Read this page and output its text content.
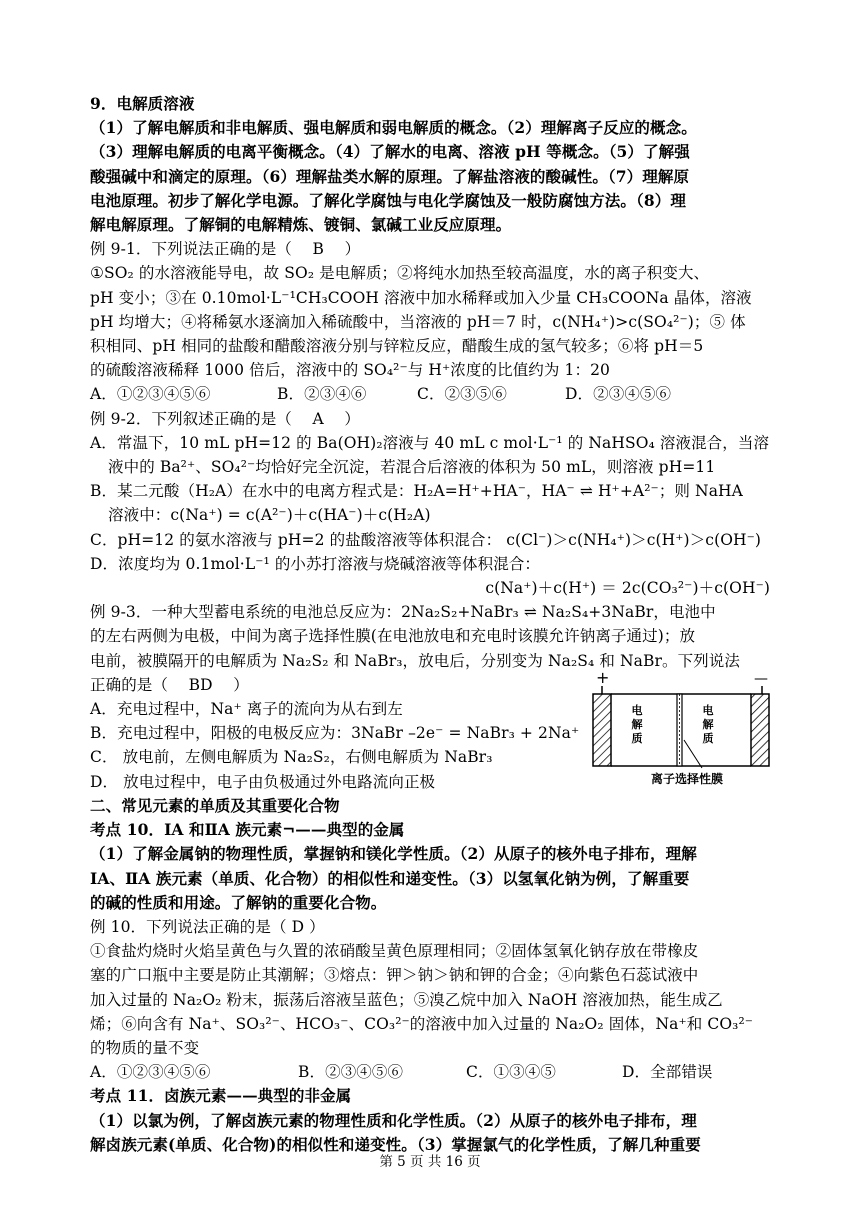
9．电解质溶液
（1）了解电解质和非电解质、强电解质和弱电解质的概念。（2）理解离子反应的概念。
（3）理解电解质的电离平衡概念。（4）了解水的电离、溶液 pH 等概念。（5）了解强
酸强碱中和滴定的原理。（6）理解盐类水解的原理。了解盐溶液的酸碱性。（7）理解原
电池原理。初步了解化学电源。了解化学腐蚀与电化学腐蚀及一般防腐蚀方法。（8）理
解电解原理。了解铜的电解精炼、镀铜、氯碱工业反应原理。
例 9-1．下列说法正确的是（　 B　 ）
①SO₂ 的水溶液能导电，故 SO₂ 是电解质；②将纯水加热至较高温度，水的离子积变大、
pH 变小；③在 0.10mol·L⁻¹CH₃COOH 溶液中加水稀释或加入少量 CH₃COONa 晶体，溶液
pH 均增大；④将稀氨水逐滴加入稀硫酸中，当溶液的 pH＝7 时，c(NH₄⁺)>c(SO₄²⁻)；⑤ 体
积相同、pH 相同的盐酸和醋酸溶液分别与锌粒反应，醋酸生成的氢气较多；⑥将 pH＝5
的硫酸溶液稀释 1000 倍后，溶液中的 SO₄²⁻与 H⁺浓度的比值约为 1：20
A．①②③④⑤⑥	B．②③④⑥	C．②③⑤⑥	D．②③④⑤⑥
例 9-2．下列叙述正确的是（　 A　 ）
A．常温下，10 mL pH=12 的 Ba(OH)₂溶液与 40 mL c mol·L⁻¹ 的 NaHSO₄ 溶液混合，当溶
液中的 Ba²⁺、SO₄²⁻均恰好完全沉淀，若混合后溶液的体积为 50 mL，则溶液 pH=11
B．某二元酸（H₂A）在水中的电离方程式是：H₂A=H⁺+HA⁻，HA⁻ ⇌ H⁺+A²⁻；则 NaHA
溶液中：c(Na⁺) = c(A²⁻)＋c(HA⁻)＋c(H₂A)
C．pH=12 的氨水溶液与 pH=2 的盐酸溶液等体积混合： c(Cl⁻)＞c(NH₄⁺)＞c(H⁺)＞c(OH⁻)
D．浓度均为 0.1mol·L⁻¹ 的小苏打溶液与烧碱溶液等体积混合：
c(Na⁺)＋c(H⁺) ＝ 2c(CO₃²⁻)＋c(OH⁻)
例 9-3．一种大型蓄电系统的电池总反应为：2Na₂S₂+NaBr₃ ⇌ Na₂S₄+3NaBr，电池中
的左右两侧为电极，中间为离子选择性膜(在电池放电和充电时该膜允许钠离子通过)；放
电前，被膜隔开的电解质为 Na₂S₂ 和 NaBr₃，放电后，分别变为 Na₂S₄ 和 NaBr。下列说法
正确的是（　 BD　 ）
A．充电过程中，Na⁺ 离子的流向为从右到左
B．充电过程中，阳极的电极反应为：3NaBr –2e⁻ = NaBr₃ + 2Na⁺
C． 放电前，左侧电解质为 Na₂S₂，右侧电解质为 NaBr₃
D． 放电过程中，电子由负极通过外电路流向正极
二、常见元素的单质及其重要化合物
考点 10．IA 和ⅡA 族元素¬——典型的金属
（1）了解金属钠的物理性质，掌握钠和镁化学性质。（2）从原子的核外电子排布，理解
IA、ⅡA 族元素（单质、化合物）的相似性和递变性。（3）以氢氧化钠为例，了解重要
的碱的性质和用途。了解钠的重要化合物。
例 10．下列说法正确的是（ D ）
①食盐灼烧时火焰呈黄色与久置的浓硝酸呈黄色原理相同；②固体氢氧化钠存放在带橡皮
塞的广口瓶中主要是防止其潮解；③熔点：钾＞钠＞钠和钾的合金；④向紫色石蕊试液中
加入过量的 Na₂O₂ 粉末，振荡后溶液呈蓝色；⑤溴乙烷中加入 NaOH 溶液加热，能生成乙
烯；⑥向含有 Na⁺、SO₃²⁻、HCO₃⁻、CO₃²⁻的溶液中加入过量的 Na₂O₂ 固体，Na⁺和 CO₃²⁻
的物质的量不变
A．①②③④⑤⑥	B．②③④⑤⑥	C．①③④⑤	D．全部错误
考点 11．卤族元素——典型的非金属
（1）以氯为例，了解卤族元素的物理性质和化学性质。（2）从原子的核外电子排布，理
解卤族元素(单质、化合物)的相似性和递变性。（3）掌握氯气的化学性质，了解几种重要
+	—
电
解
质
电
解
质
离子选择性膜
第 5 页 共 16 页
